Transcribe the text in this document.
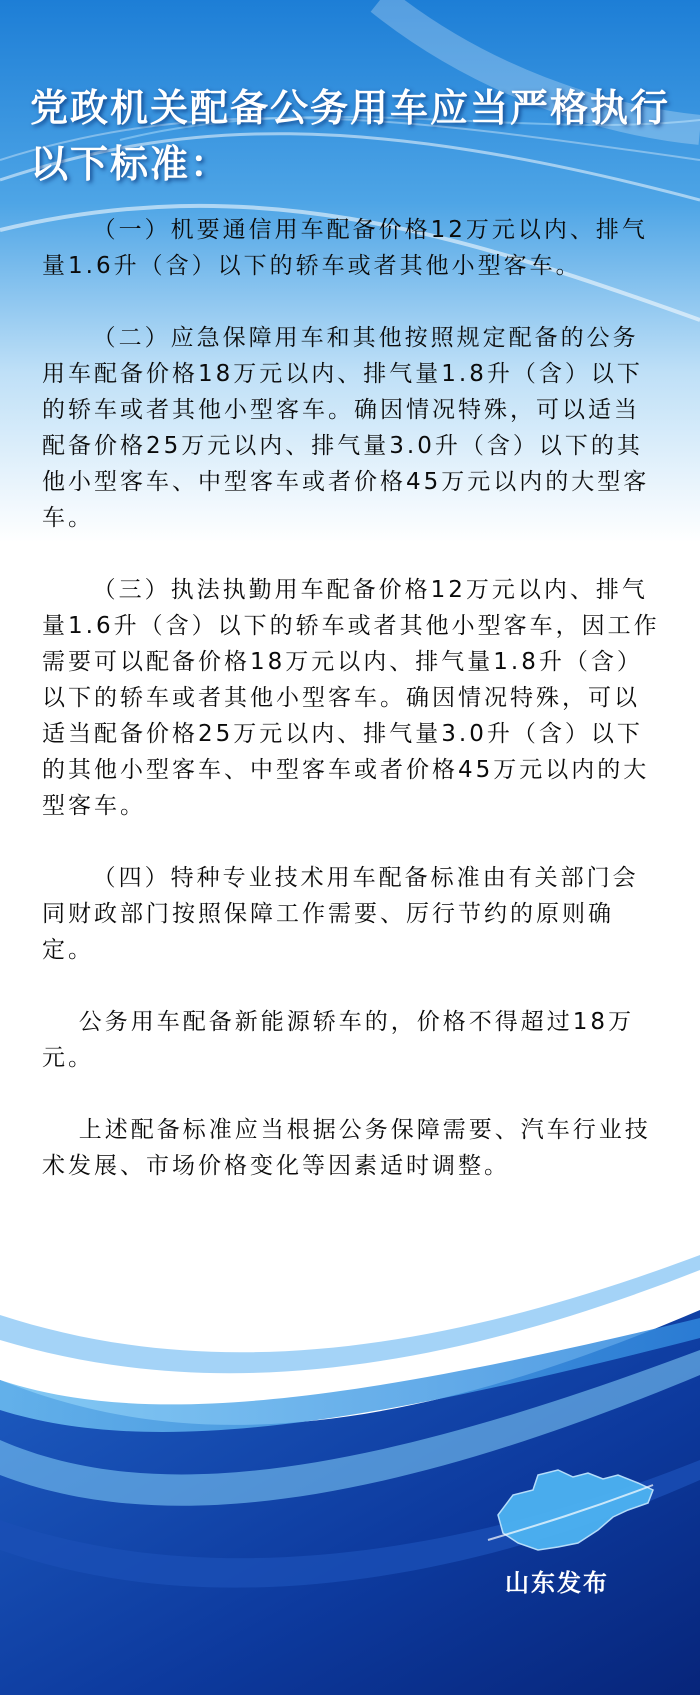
党政机关配备公务用车应当严格执行以下标准：

（一）机要通信用车配备价格12万元以内、排气量1.6升（含）以下的轿车或者其他小型客车。

（二）应急保障用车和其他按照规定配备的公务用车配备价格18万元以内、排气量1.8升（含）以下的轿车或者其他小型客车。确因情况特殊，可以适当配备价格25万元以内、排气量3.0升（含）以下的其他小型客车、中型客车或者价格45万元以内的大型客车。

（三）执法执勤用车配备价格12万元以内、排气量1.6升（含）以下的轿车或者其他小型客车，因工作需要可以配备价格18万元以内、排气量1.8升（含）以下的轿车或者其他小型客车。确因情况特殊，可以适当配备价格25万元以内、排气量3.0升（含）以下的其他小型客车、中型客车或者价格45万元以内的大型客车。

（四）特种专业技术用车配备标准由有关部门会同财政部门按照保障工作需要、厉行节约的原则确定。

公务用车配备新能源轿车的，价格不得超过18万元。

上述配备标准应当根据公务保障需要、汽车行业技术发展、市场价格变化等因素适时调整。

山东发布
